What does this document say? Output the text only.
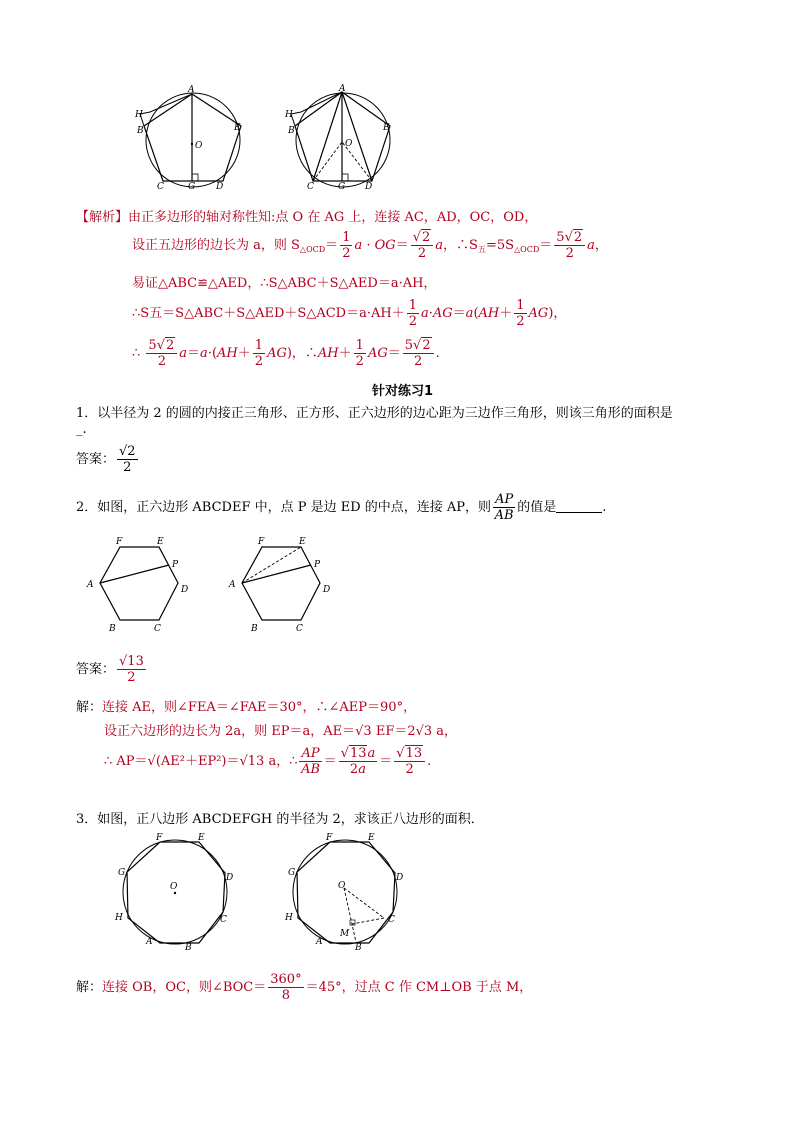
A
H
B	E
O
C	G D
A
H
B	E
O
C	G D
【解析】由正多边形的轴对称性知:点 O 在 AG 上，连接 AC，AD，OC，OD，
设正五边形的边长为 a，则 $S_{\triangle OCD}= \frac{1}{2}$ $a \cdot OG= \frac{√2}{2}$ a，$\therefore S_五=5S_{\triangle OCD}= \frac{5√2}{2}$ a，
易证△ABC≌△AED，∴S△ABC＋S△AED＝a·AH，
∴S五＝S△ABC＋S△AED＋S△ACD＝a·AH＋ $\frac{1}{2} a\cdot AG=a(AH+ \frac{1}{2} AG)$，
∴ $\frac{5√2}{2} a=a\cdot(AH+ \frac{1}{2} AG)$，∴AH＋ $\frac{1}{2} AG= \frac{5√2}{2}$ .
针对练习1
1．以半径为 2 的圆的内接正三角形、正方形、正六边形的边心距为三边作三角形，则该三角形的面积是
_.
答案： $\frac{√2}{2}$
2．如图，正六边形 ABCDEF 中，点 P 是边 ED 的中点，连接 AP，则 $\frac{AP}{AB}$ 的值是	.
F	E
P
A	D
B	C
F	E
P
A	D
B	C
答案： $\frac{√13}{2}$
解：连接 AE，则∠FEA＝∠FAE＝30°，∴∠AEP＝90°，
设正六边形的边长为 2a，则 EP＝a，AE＝√3 EF＝2√3 a，
∴ AP＝√(AE²＋EP²)＝√13 a，∴ $\frac{AP}{AB} = \frac{√13a}{2a} = \frac{√13}{2}$ .
3．如图，正八边形 ABCDEFGH 的半径为 2，求该正八边形的面积．
F	E
G	D
O
H	C
A
B
F	E
G	D
O
H	C
M
A
B
解：连接 OB，OC，则∠BOC＝ $\frac{360^\circ}{8} =45^\circ$，过点 C 作 CM⊥OB 于点 M，
